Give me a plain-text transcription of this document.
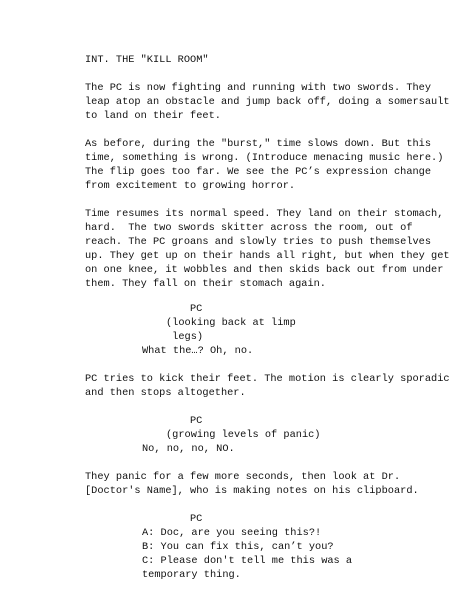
INT. THE "KILL ROOM"
The PC is now fighting and running with two swords. They
leap atop an obstacle and jump back off, doing a somersault
to land on their feet.
As before, during the "burst," time slows down. But this
time, something is wrong. (Introduce menacing music here.)
The flip goes too far. We see the PC’s expression change
from excitement to growing horror.
Time resumes its normal speed. They land on their stomach,
hard.  The two swords skitter across the room, out of
reach. The PC groans and slowly tries to push themselves
up. They get up on their hands all right, but when they get
on one knee, it wobbles and then skids back out from under
them. They fall on their stomach again.
PC
(looking back at limp
legs)
What the…? Oh, no.
PC tries to kick their feet. The motion is clearly sporadic
and then stops altogether.
PC
(growing levels of panic)
No, no, no, NO.
They panic for a few more seconds, then look at Dr.
[Doctor's Name], who is making notes on his clipboard.
PC
A: Doc, are you seeing this?!
B: You can fix this, can’t you?
C: Please don't tell me this was a
temporary thing.
